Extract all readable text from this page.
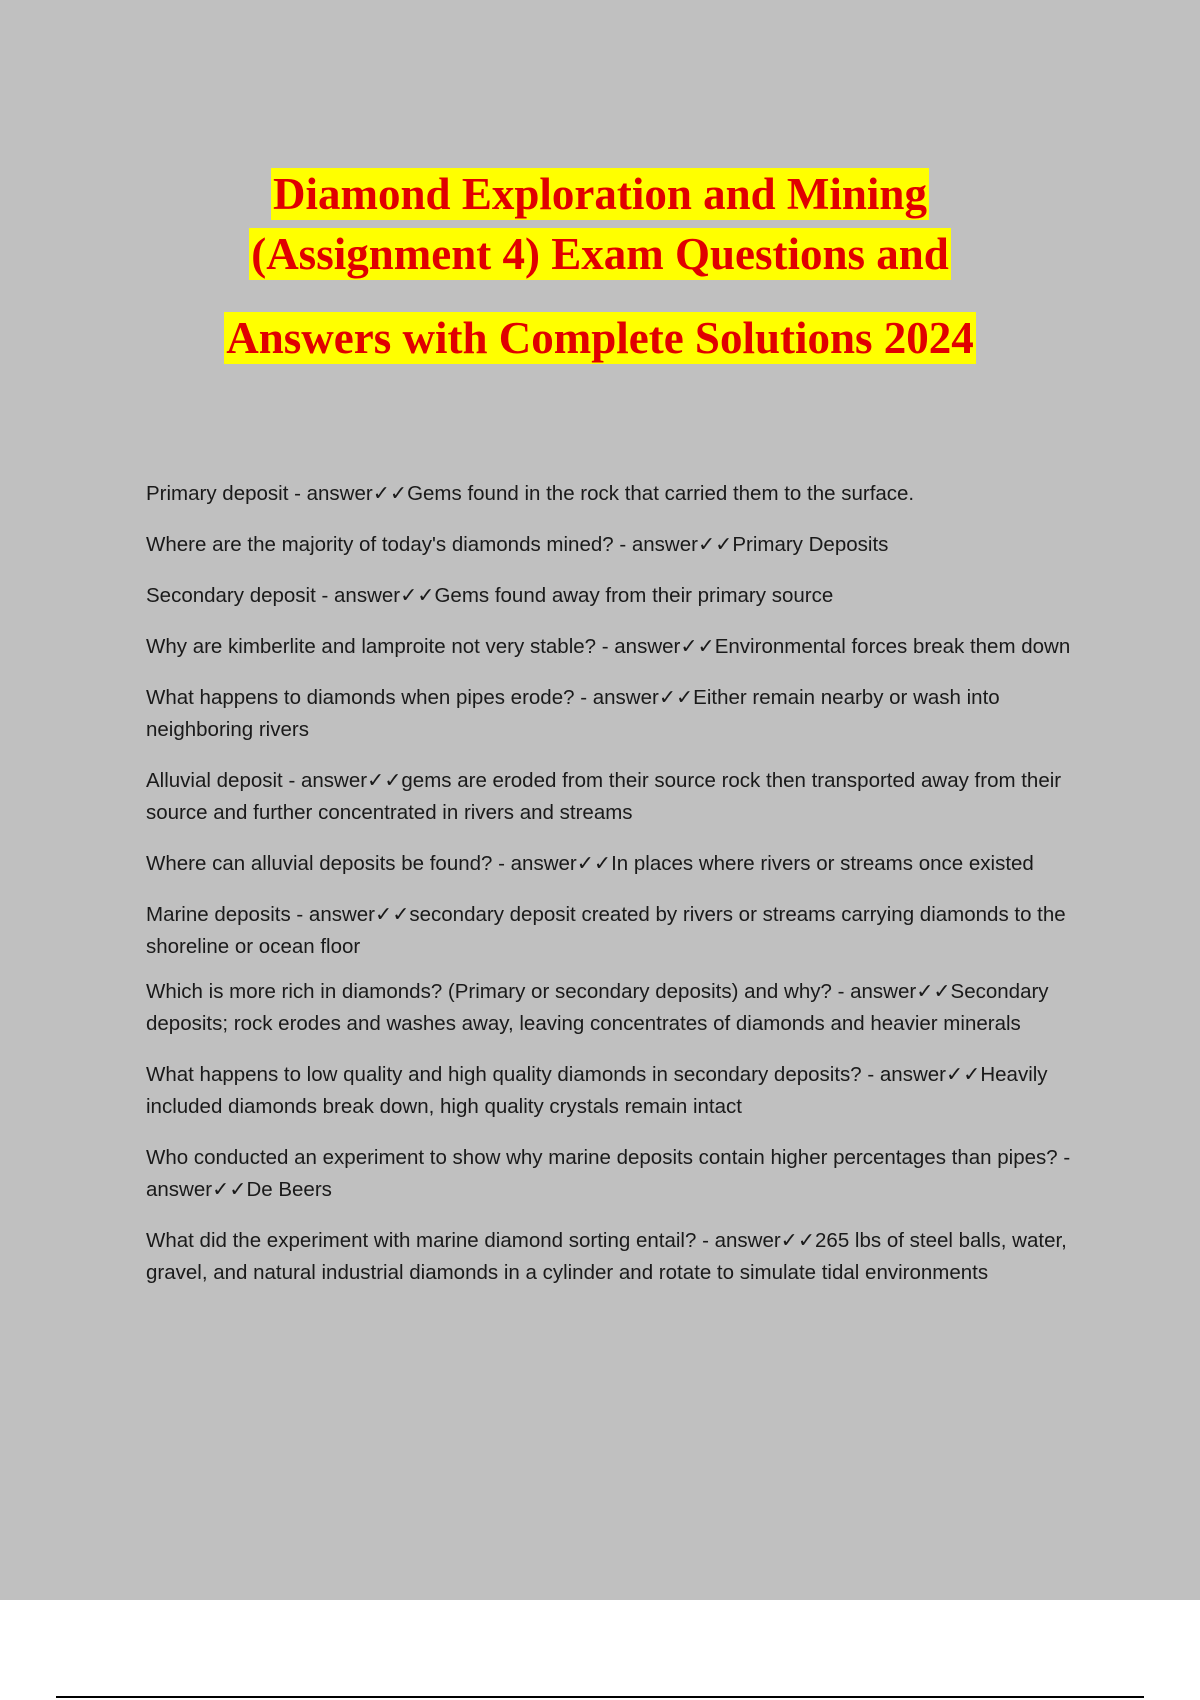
Diamond Exploration and Mining
(Assignment 4) Exam Questions and
Answers with Complete Solutions 2024

Primary deposit - answer✓✓Gems found in the rock that carried them to the surface.

Where are the majority of today's diamonds mined? - answer✓✓Primary Deposits

Secondary deposit - answer✓✓Gems found away from their primary source

Why are kimberlite and lamproite not very stable? - answer✓✓Environmental forces break them down

What happens to diamonds when pipes erode? - answer✓✓Either remain nearby or wash into neighboring rivers

Alluvial deposit - answer✓✓gems are eroded from their source rock then transported away from their source and further concentrated in rivers and streams

Where can alluvial deposits be found? - answer✓✓In places where rivers or streams once existed

Marine deposits - answer✓✓secondary deposit created by rivers or streams carrying diamonds to the shoreline or ocean floor

Which is more rich in diamonds? (Primary or secondary deposits) and why? - answer✓✓Secondary deposits; rock erodes and washes away, leaving concentrates of diamonds and heavier minerals

What happens to low quality and high quality diamonds in secondary deposits? - answer✓✓Heavily included diamonds break down, high quality crystals remain intact

Who conducted an experiment to show why marine deposits contain higher percentages than pipes? - answer✓✓De Beers

What did the experiment with marine diamond sorting entail? - answer✓✓265 lbs of steel balls, water, gravel, and natural industrial diamonds in a cylinder and rotate to simulate tidal environments
